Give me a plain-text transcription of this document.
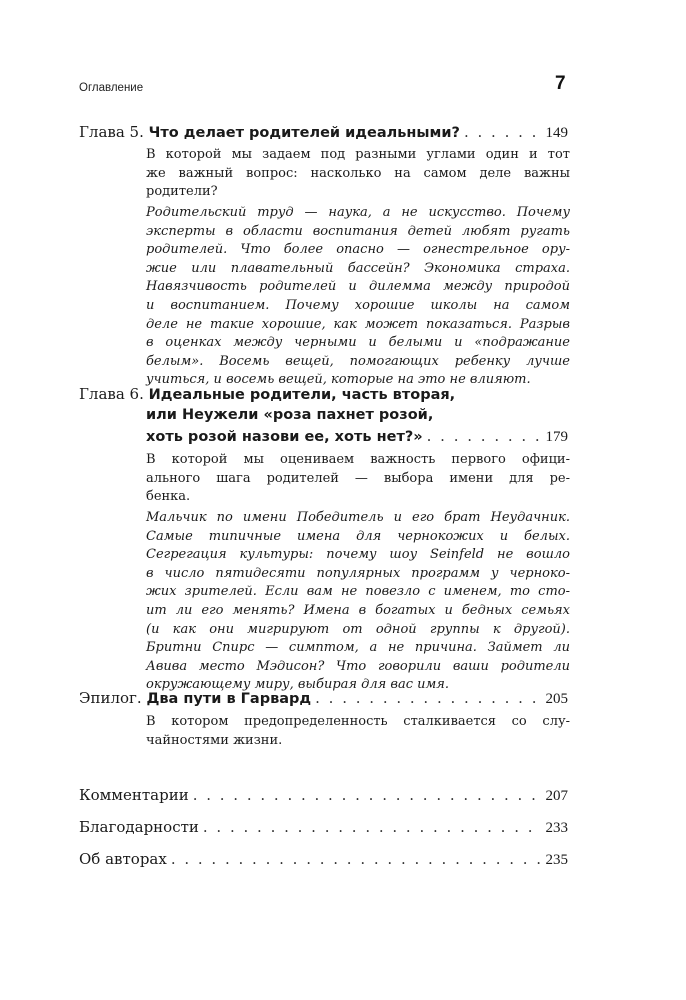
Оглавление	7
Глава 5.
Что делает родителей идеальными? . . .	149
В которой мы задаем под разными углами один и тот
же важный вопрос: насколько на самом деле важны
родители?
Родительский труд — наука, а не искусство. Почему
эксперты в области воспитания детей любят ругать
родителей. Что более опасно — огнестрельное ору-
жие или плавательный бассейн? Экономика страха.
Навязчивость родителей и дилемма между природой
и воспитанием. Почему хорошие школы на самом
деле не такие хорошие, как может показаться. Разрыв
в оценках между черными и белыми и «подражание
белым». Восемь вещей, помогающих ребенку лучше
учиться, и восемь вещей, которые на это не влияют.
Глава 6.
Идеальные родители, часть вторая,
или Неужели «роза пахнет розой,
хоть розой назови ее, хоть нет?» . . .	179
В которой мы оцениваем важность первого офици-
ального шага родителей — выбора имени для ре-
бенка.
Мальчик по имени Победитель и его брат Неудачник.
Самые типичные имена для чернокожих и белых.
Сегрегация культуры: почему шоу Seinfeld не вошло
в число пятидесяти популярных программ у черноко-
жих зрителей. Если вам не повезло с именем, то сто-
ит ли его менять? Имена в богатых и бедных семьях
(и как они мигрируют от одной группы к другой).
Бритни Спирс — симптом, а не причина. Займет ли
Авива место Мэдисон? Что говорили ваши родители
окружающему миру, выбирая для вас имя.
Эпилог.
Два пути в Гарвард . . .	205
В котором предопределенность сталкивается со слу-
чайностями жизни.
Комментарии . . .	207
Благодарности . . .	233
Об авторах . . .	235
